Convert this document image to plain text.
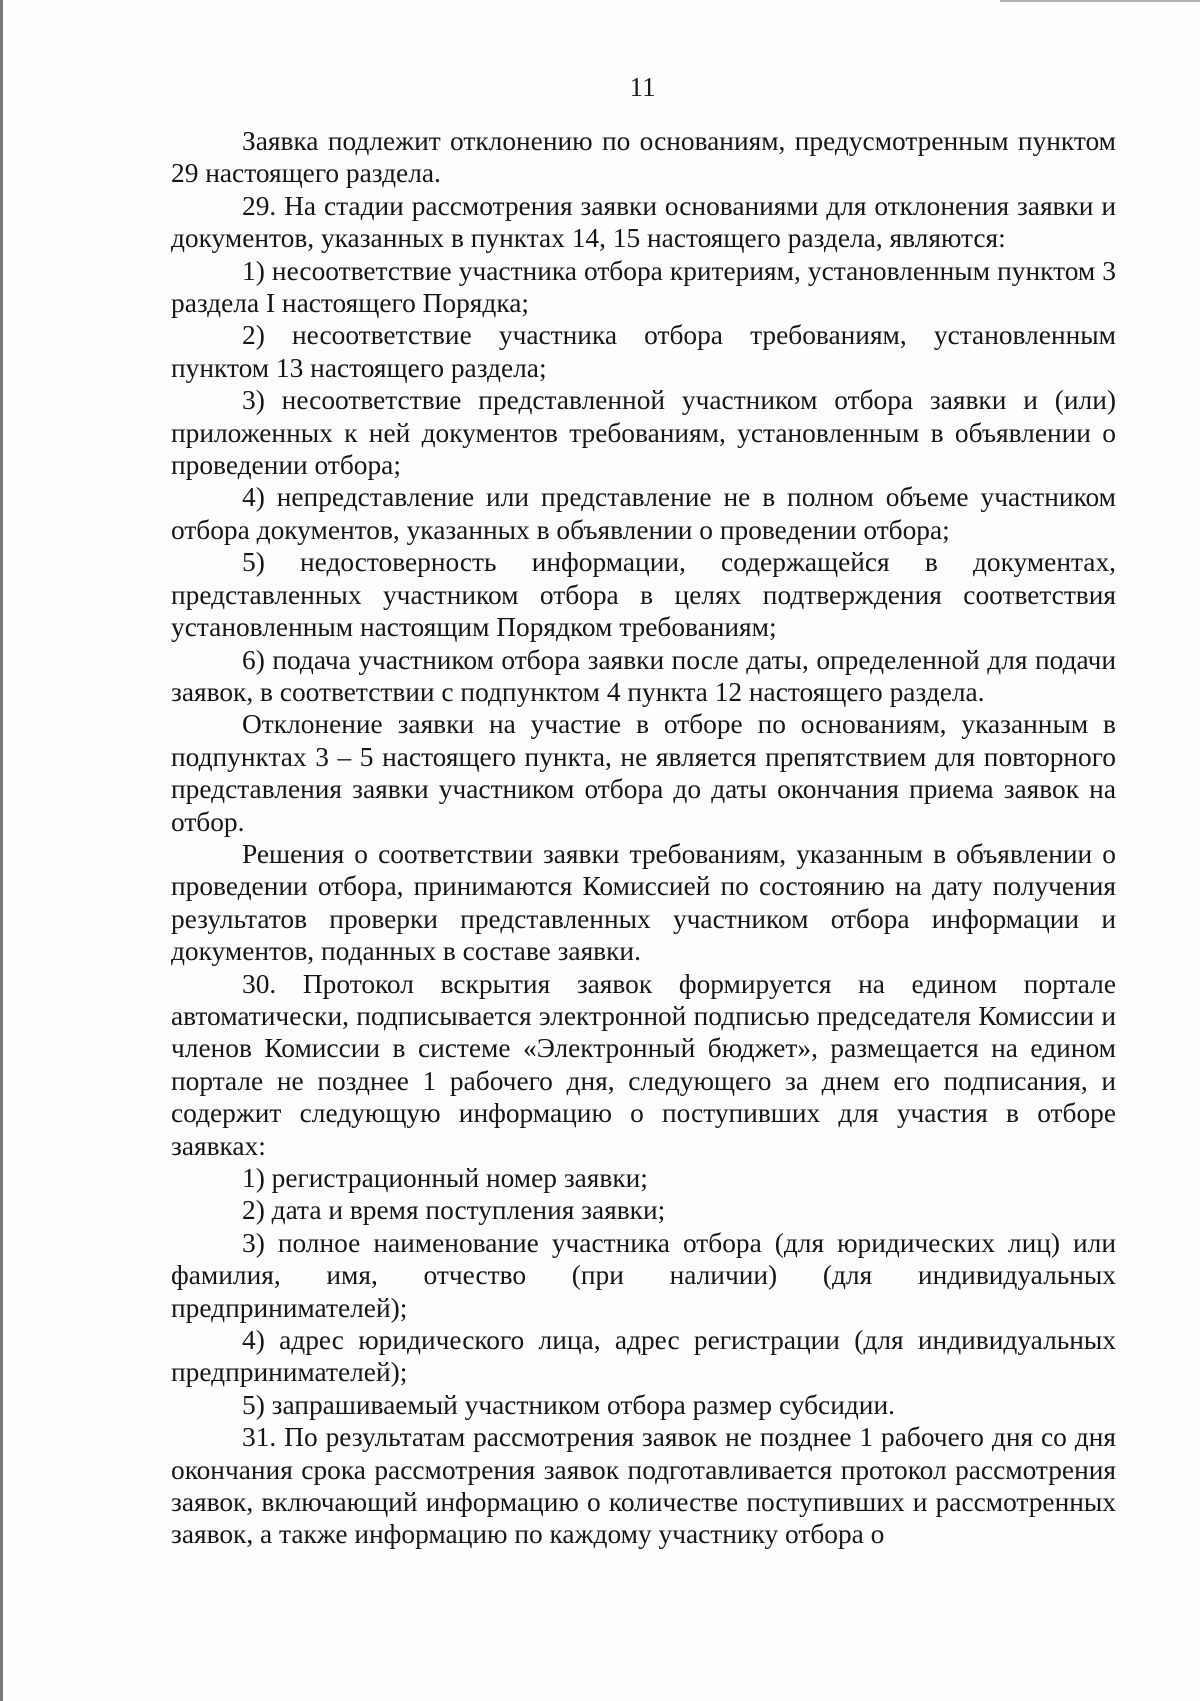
11

Заявка подлежит отклонению по основаниям, предусмотренным пунктом 29 настоящего раздела.

29. На стадии рассмотрения заявки основаниями для отклонения заявки и документов, указанных в пунктах 14, 15 настоящего раздела, являются:

1) несоответствие участника отбора критериям, установленным пунктом 3 раздела I настоящего Порядка;

2) несоответствие участника отбора требованиям, установленным пунктом 13 настоящего раздела;

3) несоответствие представленной участником отбора заявки и (или) приложенных к ней документов требованиям, установленным в объявлении о проведении отбора;

4) непредставление или представление не в полном объеме участником отбора документов, указанных в объявлении о проведении отбора;

5) недостоверность информации, содержащейся в документах, представленных участником отбора в целях подтверждения соответствия установленным настоящим Порядком требованиям;

6) подача участником отбора заявки после даты, определенной для подачи заявок, в соответствии с подпунктом 4 пункта 12 настоящего раздела.

Отклонение заявки на участие в отборе по основаниям, указанным в подпунктах 3 – 5 настоящего пункта, не является препятствием для повторного представления заявки участником отбора до даты окончания приема заявок на отбор.

Решения о соответствии заявки требованиям, указанным в объявлении о проведении отбора, принимаются Комиссией по состоянию на дату получения результатов проверки представленных участником отбора информации и документов, поданных в составе заявки.

30. Протокол вскрытия заявок формируется на едином портале автоматически, подписывается электронной подписью председателя Комиссии и членов Комиссии в системе «Электронный бюджет», размещается на едином портале не позднее 1 рабочего дня, следующего за днем его подписания, и содержит следующую информацию о поступивших для участия в отборе заявках:

1) регистрационный номер заявки;

2) дата и время поступления заявки;

3) полное наименование участника отбора (для юридических лиц) или фамилия, имя, отчество (при наличии) (для индивидуальных предпринимателей);

4) адрес юридического лица, адрес регистрации (для индивидуальных предпринимателей);

5) запрашиваемый участником отбора размер субсидии.

31. По результатам рассмотрения заявок не позднее 1 рабочего дня со дня окончания срока рассмотрения заявок подготавливается протокол рассмотрения заявок, включающий информацию о количестве поступивших и рассмотренных заявок, а также информацию по каждому участнику отбора о
